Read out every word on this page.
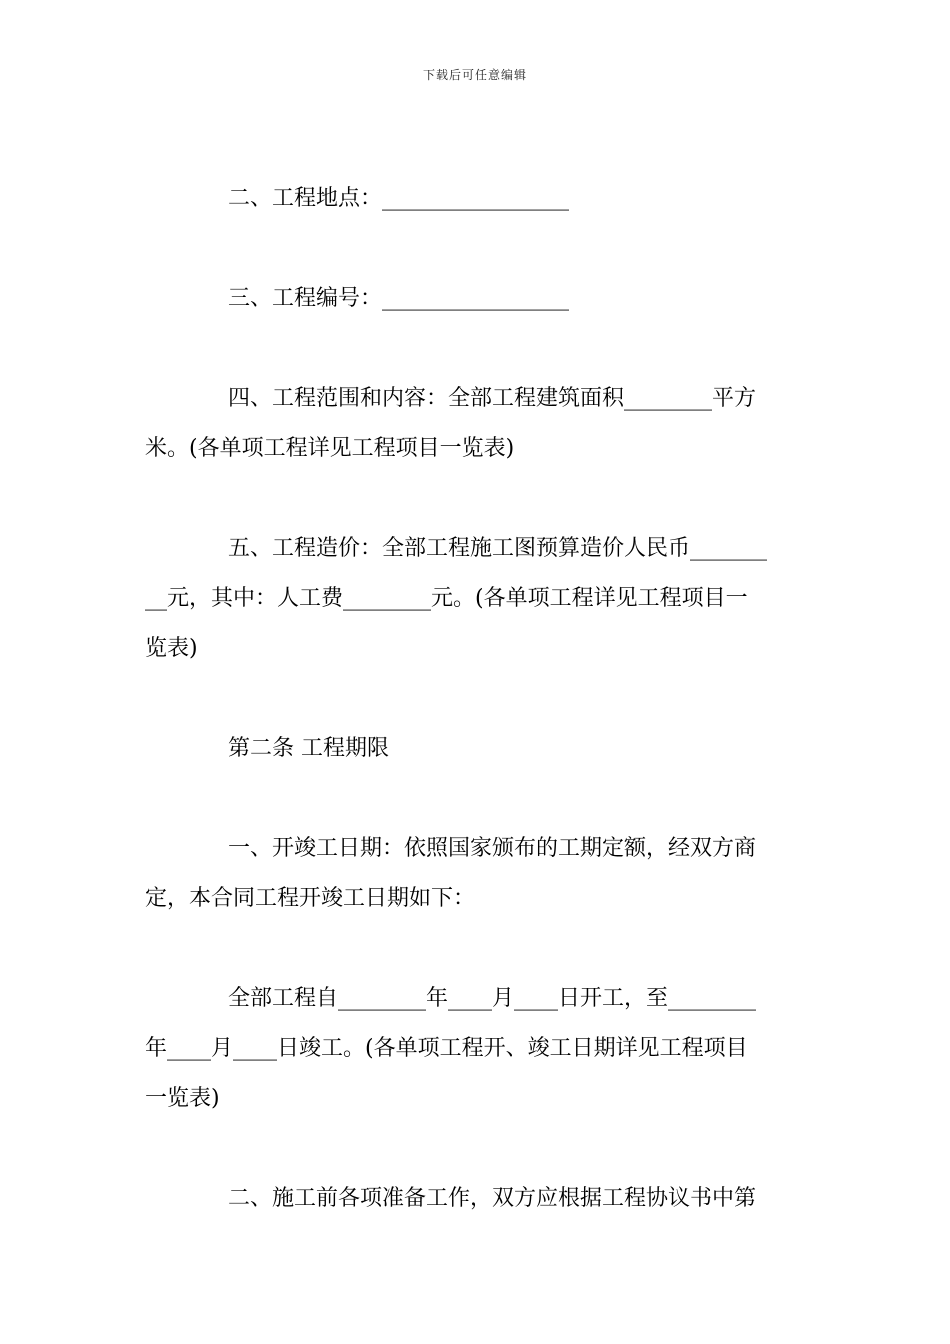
下载后可任意编辑
二、工程地点：_________________
三、工程编号：_________________
四、工程范围和内容：全部工程建筑面积________平方
米。(各单项工程详见工程项目一览表)
五、工程造价：全部工程施工图预算造价人民币_______
__元，其中：人工费________元。(各单项工程详见工程项目一
览表)
第二条 工程期限
一、开竣工日期：依照国家颁布的工期定额，经双方商
定，本合同工程开竣工日期如下：
全部工程自________年____月____日开工，至________
年____月____日竣工。(各单项工程开、竣工日期详见工程项目
一览表)
二、施工前各项准备工作，双方应根据工程协议书中第
